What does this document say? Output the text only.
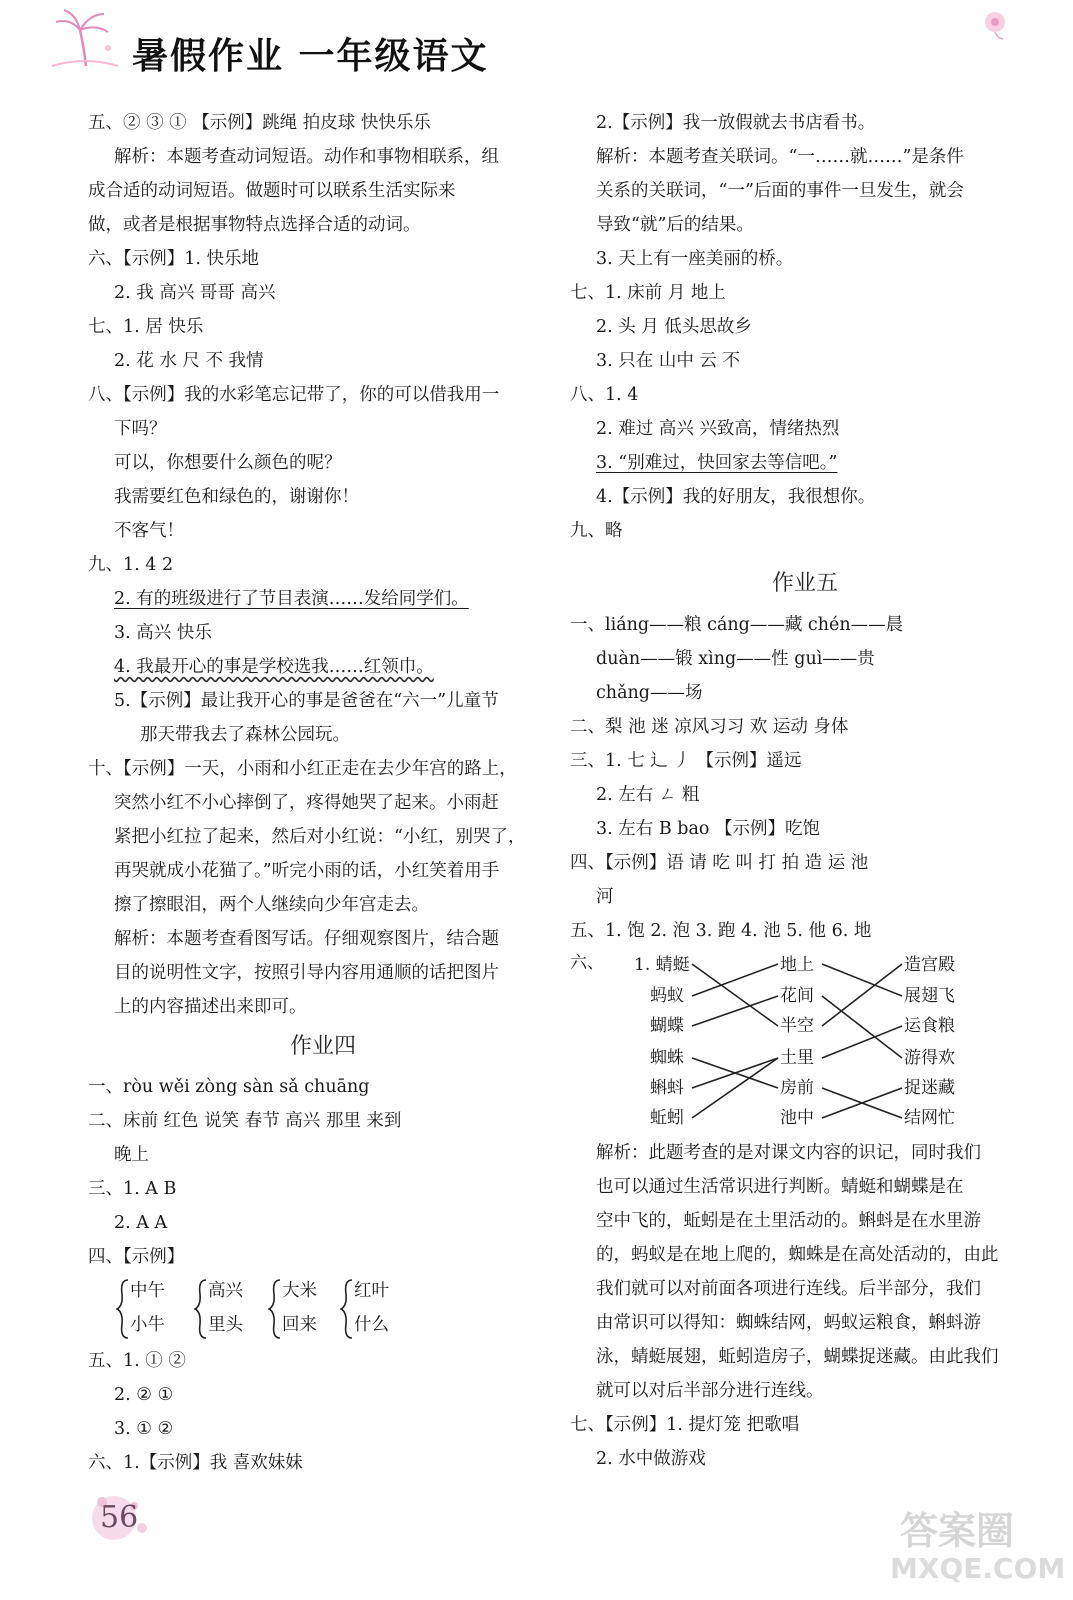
暑假作业 一年级语文
五、② ③ ① 【示例】跳绳 拍皮球 快快乐乐
解析：本题考查动词短语。动作和事物相联系，组
成合适的动词短语。做题时可以联系生活实际来
做，或者是根据事物特点选择合适的动词。
六、【示例】1. 快乐地
2. 我 高兴 哥哥 高兴
七、1. 居 快乐
2. 花 水 尺 不 我情
八、【示例】我的水彩笔忘记带了，你的可以借我用一
下吗？
可以，你想要什么颜色的呢？
我需要红色和绿色的，谢谢你！
不客气！
九、1. 4 2
2. 有的班级进行了节目表演……发给同学们。
3. 高兴 快乐
4. 我最开心的事是学校选我……红领巾。
5.【示例】最让我开心的事是爸爸在“六一”儿童节
那天带我去了森林公园玩。
十、【示例】一天，小雨和小红正走在去少年宫的路上，
突然小红不小心摔倒了，疼得她哭了起来。小雨赶
紧把小红拉了起来，然后对小红说：“小红，别哭了，
再哭就成小花猫了。”听完小雨的话，小红笑着用手
擦了擦眼泪，两个人继续向少年宫走去。
解析：本题考查看图写话。仔细观察图片，结合题
目的说明性文字，按照引导内容用通顺的话把图片
上的内容描述出来即可。
作业四
一、ròu wěi zòng sàn sǎ chuāng
二、床前 红色 说笑 春节 高兴 那里 来到
晚上
三、1. A B
2. A A
四、【示例】
中午
小牛
高兴
里头
大米
回来
红叶
什么
五、1. ① ②
2. ② ①
3. ① ②
六、1.【示例】我 喜欢妹妹
2.【示例】我一放假就去书店看书。
解析：本题考查关联词。“一……就……”是条件
关系的关联词，“一”后面的事件一旦发生，就会
导致“就”后的结果。
3. 天上有一座美丽的桥。
七、1. 床前 月 地上
2. 头 月 低头思故乡
3. 只在 山中 云 不
八、1. 4
2. 难过 高兴 兴致高，情绪热烈
3. “别难过，快回家去等信吧。”
4.【示例】我的好朋友，我很想你。
九、略
作业五
一、liáng——粮 cáng——藏 chén——晨
duàn——锻 xìng——性 guì——贵
chǎng——场
二、梨 池 迷 凉风习习 欢 运动 身体
三、1. 七 辶 丿 【示例】遥远
2. 左右 ㄥ 粗
3. 左右 B bao 【示例】吃饱
四、【示例】语 请 吃 叫 打 拍 造 运 池
河
五、1. 饱 2. 泡 3. 跑 4. 池 5. 他 6. 地
六、 1. 蜻蜓
蚂蚁
蝴蝶
蜘蛛
蝌蚪
蚯蚓
地上
花间
半空
土里
房前
池中
造宫殿
展翅飞
运食粮
游得欢
捉迷藏
结网忙
解析：此题考查的是对课文内容的识记，同时我们
也可以通过生活常识进行判断。蜻蜓和蝴蝶是在
空中飞的，蚯蚓是在土里活动的。蝌蚪是在水里游
的，蚂蚁是在地上爬的，蜘蛛是在高处活动的，由此
我们就可以对前面各项进行连线。后半部分，我们
由常识可以得知：蜘蛛结网，蚂蚁运粮食，蝌蚪游
泳，蜻蜓展翅，蚯蚓造房子，蝴蝶捉迷藏。由此我们
就可以对后半部分进行连线。
七、【示例】1. 提灯笼 把歌唱
2. 水中做游戏
56	答案圈
MXQE.COM
